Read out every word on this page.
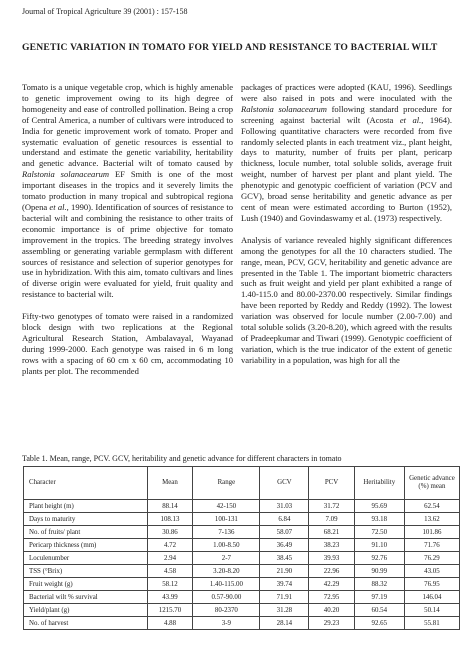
Journal of Tropical Agriculture 39 (2001) : 157-158
GENETIC VARIATION IN TOMATO FOR YIELD AND RESISTANCE TO BACTERIAL WILT

Tomato is a unique vegetable crop, which is highly amenable to genetic improvement owing to its high degree of homogeneity and ease of controlled pollination. Being a crop of Central America, a number of cultivars were introduced to India for genetic improvement work of tomato. Proper and systematic evaluation of genetic resources is essential to understand and estimate the genetic variability, heritability and genetic advance. Bacterial wilt of tomato caused by Ralstonia solanacearum EF Smith is one of the most important diseases in the tropics and it severely limits the tomato production in many tropical and subtropical regiona (Opena et al., 1990). Identification of sources of resistance to bacterial wilt and combining the resistance to other traits of economic importance is of prime objective for tomato improvement in the tropics. The breeding strategy involves assembling or generating variable germplasm with different sources of resistance and selection of superior genotypes for use in hybridization. With this aim, tomato cultivars and lines of diverse origin were evaluated for yield, fruit quality and resistance to bacterial wilt.

Fifty-two genotypes of tomato were raised in a randomized block design with two replications at the Regional Agricultural Research Station, Ambalavayal, Wayanad during 1999-2000. Each genotype was raised in 6 m long rows with a spacing of 60 cm x 60 cm, accommodating 10 plants per plot. The recommended

packages of practices were adopted (KAU, 1996). Seedlings were also raised in pots and were inoculated with the Ralstonia solanacearum following standard procedure for screening against bacterial wilt (Acosta et al., 1964). Following quantitative characters were recorded from five randomly selected plants in each treatment viz., plant height, days to maturity, number of fruits per plant, pericarp thickness, locule number, total soluble solids, average fruit weight, number of harvest per plant and plant yield. The phenotypic and genotypic coefficient of variation (PCV and GCV), broad sense heritability and genetic advance as per cent of mean were estimated according to Burton (1952), Lush (1940) and Govindaswamy et al. (1973) respectively.

Analysis of variance revealed highly significant differences among the genotypes for all the 10 characters studied. The range, mean, PCV, GCV, heritability and genetic advance are presented in the Table 1. The important biometric characters such as fruit weight and yield per plant exhibited a range of 1.40-115.0 and 80.00-2370.00 respectively. Similar findings have been reported by Reddy and Reddy (1992). The lowest variation was observed for locule number (2.00-7.00) and total soluble solids (3.20-8.20), which agreed with the results of Pradeepkumar and Tiwari (1999). Genotypic coefficient of variation, which is the true indicator of the extent of genetic variability in a population, was high for all the

Table 1. Mean, range, PCV. GCV, heritability and genetic advance for different characters in tomato
Character	Mean	Range	GCV	PCV	Heritability	Genetic advance (%) mean
Plant height (m)	88.14	42-150	31.03	31.72	95.69	62.54
Days to maturity	108.13	100-131	6.84	7.09	93.18	13.62
No. of fruits/ plant	30.86	7-136	58.07	68.21	72.50	101.86
Pericarp thickness (mm)	4.72	1.00-8.50	36.49	38.23	91.10	71.76
Loculenumber	2.94	2-7	38.45	39.93	92.76	76.29
TSS (°Brix)	4.58	3.20-8.20	21.90	22.96	90.99	43.05
Fruit weight (g)	58.12	1.40-115.00	39.74	42.29	88.32	76.95
Bacterial wilt % survival	43.99	0.57-90.00	71.91	72.95	97.19	146.04
Yield/plant (g)	1215.70	80-2370	31.28	40.20	60.54	50.14
No. of harvest	4.88	3-9	28.14	29.23	92.65	55.81
